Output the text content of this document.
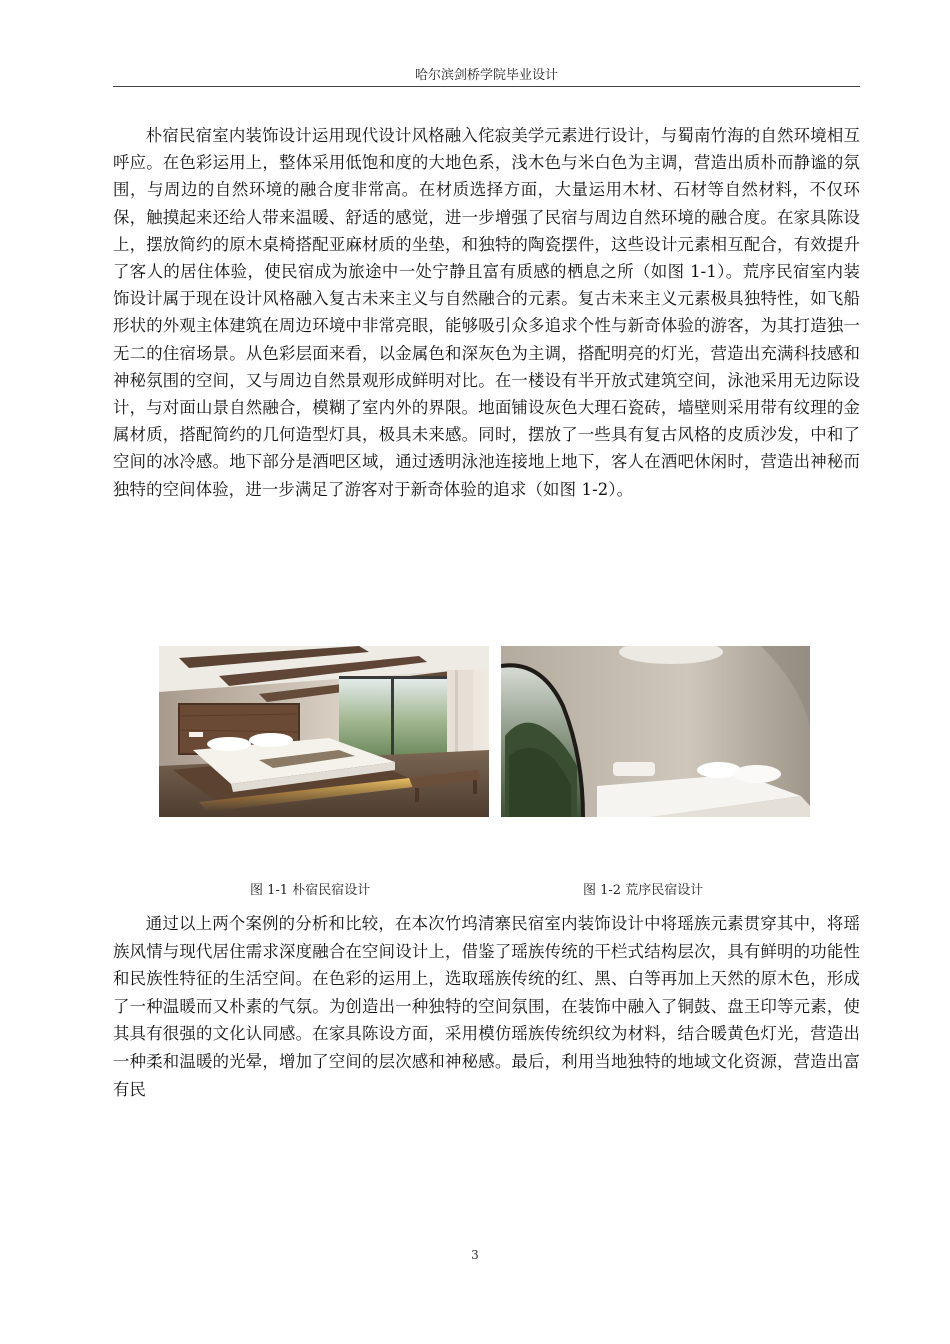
哈尔滨剑桥学院毕业设计

朴宿民宿室内装饰设计运用现代设计风格融入侘寂美学元素进行设计，与蜀南竹海的自然环境相互呼应。在色彩运用上，整体采用低饱和度的大地色系，浅木色与米白色为主调，营造出质朴而静谧的氛围，与周边的自然环境的融合度非常高。在材质选择方面，大量运用木材、石材等自然材料，不仅环保，触摸起来还给人带来温暖、舒适的感觉，进一步增强了民宿与周边自然环境的融合度。在家具陈设上，摆放简约的原木桌椅搭配亚麻材质的坐垫，和独特的陶瓷摆件，这些设计元素相互配合，有效提升了客人的居住体验，使民宿成为旅途中一处宁静且富有质感的栖息之所（如图 1-1）。荒序民宿室内装饰设计属于现在设计风格融入复古未来主义与自然融合的元素。复古未来主义元素极具独特性，如飞船形状的外观主体建筑在周边环境中非常亮眼，能够吸引众多追求个性与新奇体验的游客，为其打造独一无二的住宿场景。从色彩层面来看，以金属色和深灰色为主调，搭配明亮的灯光，营造出充满科技感和神秘氛围的空间，又与周边自然景观形成鲜明对比。在一楼设有半开放式建筑空间，泳池采用无边际设计，与对面山景自然融合，模糊了室内外的界限。地面铺设灰色大理石瓷砖，墙壁则采用带有纹理的金属材质，搭配简约的几何造型灯具，极具未来感。同时，摆放了一些具有复古风格的皮质沙发，中和了空间的冰冷感。地下部分是酒吧区域，通过透明泳池连接地上地下，客人在酒吧休闲时，营造出神秘而独特的空间体验，进一步满足了游客对于新奇体验的追求（如图 1-2）。

图 1-1 朴宿民宿设计	图 1-2 荒序民宿设计

通过以上两个案例的分析和比较，在本次竹坞清寨民宿室内装饰设计中将瑶族元素贯穿其中，将瑶族风情与现代居住需求深度融合在空间设计上，借鉴了瑶族传统的干栏式结构层次，具有鲜明的功能性和民族性特征的生活空间。在色彩的运用上，选取瑶族传统的红、黑、白等再加上天然的原木色，形成了一种温暖而又朴素的气氛。为创造出一种独特的空间氛围，在装饰中融入了铜鼓、盘王印等元素，使其具有很强的文化认同感。在家具陈设方面，采用模仿瑶族传统织纹为材料，结合暖黄色灯光，营造出一种柔和温暖的光晕，增加了空间的层次感和神秘感。最后，利用当地独特的地域文化资源，营造出富有民

3
